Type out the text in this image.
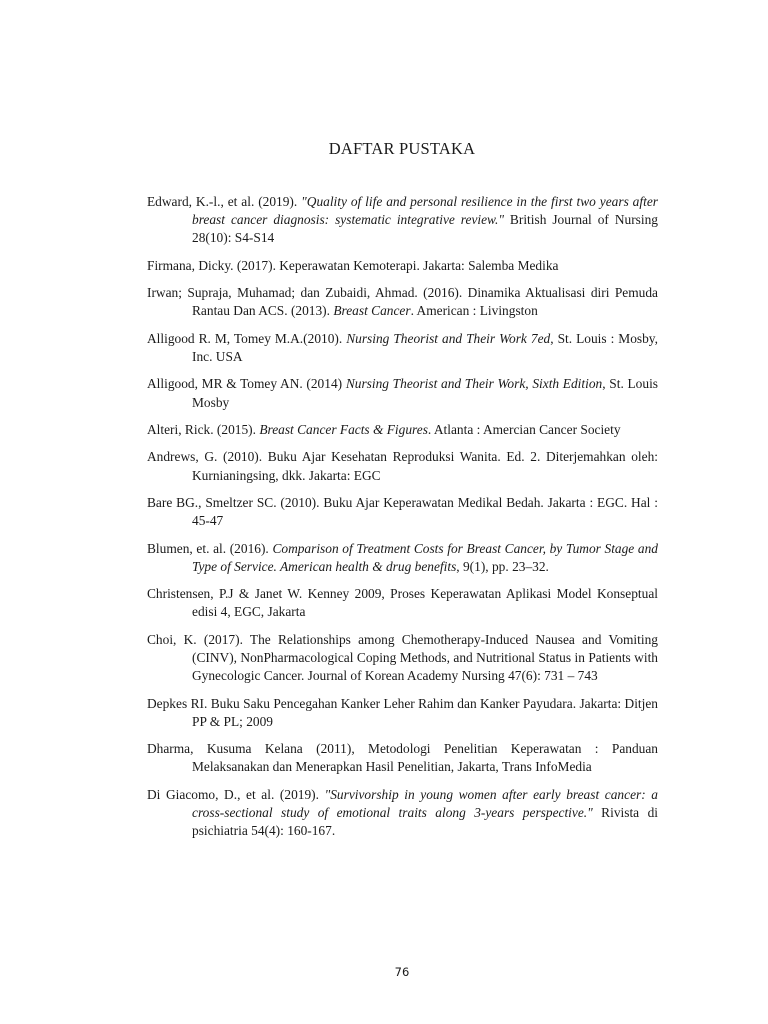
DAFTAR PUSTAKA

Edward, K.-l., et al. (2019). "Quality of life and personal resilience in the first two years after breast cancer diagnosis: systematic integrative review." British Journal of Nursing 28(10): S4-S14

Firmana, Dicky. (2017). Keperawatan Kemoterapi. Jakarta: Salemba Medika

Irwan; Supraja, Muhamad; dan Zubaidi, Ahmad. (2016). Dinamika Aktualisasi diri Pemuda Rantau Dan ACS. (2013). Breast Cancer. American : Livingston

Alligood R. M, Tomey M.A.(2010). Nursing Theorist and Their Work 7ed, St. Louis : Mosby, Inc. USA

Alligood, MR & Tomey AN. (2014) Nursing Theorist and Their Work, Sixth Edition, St. Louis Mosby

Alteri, Rick. (2015). Breast Cancer Facts & Figures. Atlanta : Amercian Cancer Society

Andrews, G. (2010). Buku Ajar Kesehatan Reproduksi Wanita. Ed. 2. Diterjemahkan oleh: Kurnianingsing, dkk. Jakarta: EGC

Bare BG., Smeltzer SC. (2010). Buku Ajar Keperawatan Medikal Bedah. Jakarta : EGC. Hal : 45-47

Blumen, et. al. (2016). Comparison of Treatment Costs for Breast Cancer, by Tumor Stage and Type of Service. American health & drug benefits, 9(1), pp. 23–32.

Christensen, P.J & Janet W. Kenney 2009, Proses Keperawatan Aplikasi Model Konseptual edisi 4, EGC, Jakarta

Choi, K. (2017). The Relationships among Chemotherapy-Induced Nausea and Vomiting (CINV), NonPharmacological Coping Methods, and Nutritional Status in Patients with Gynecologic Cancer. Journal of Korean Academy Nursing 47(6): 731 – 743

Depkes RI. Buku Saku Pencegahan Kanker Leher Rahim dan Kanker Payudara. Jakarta: Ditjen PP & PL; 2009

Dharma, Kusuma Kelana (2011), Metodologi Penelitian Keperawatan : Panduan Melaksanakan dan Menerapkan Hasil Penelitian, Jakarta, Trans InfoMedia

Di Giacomo, D., et al. (2019). "Survivorship in young women after early breast cancer: a cross-sectional study of emotional traits along 3-years perspective." Rivista di psichiatria 54(4): 160-167.

76
